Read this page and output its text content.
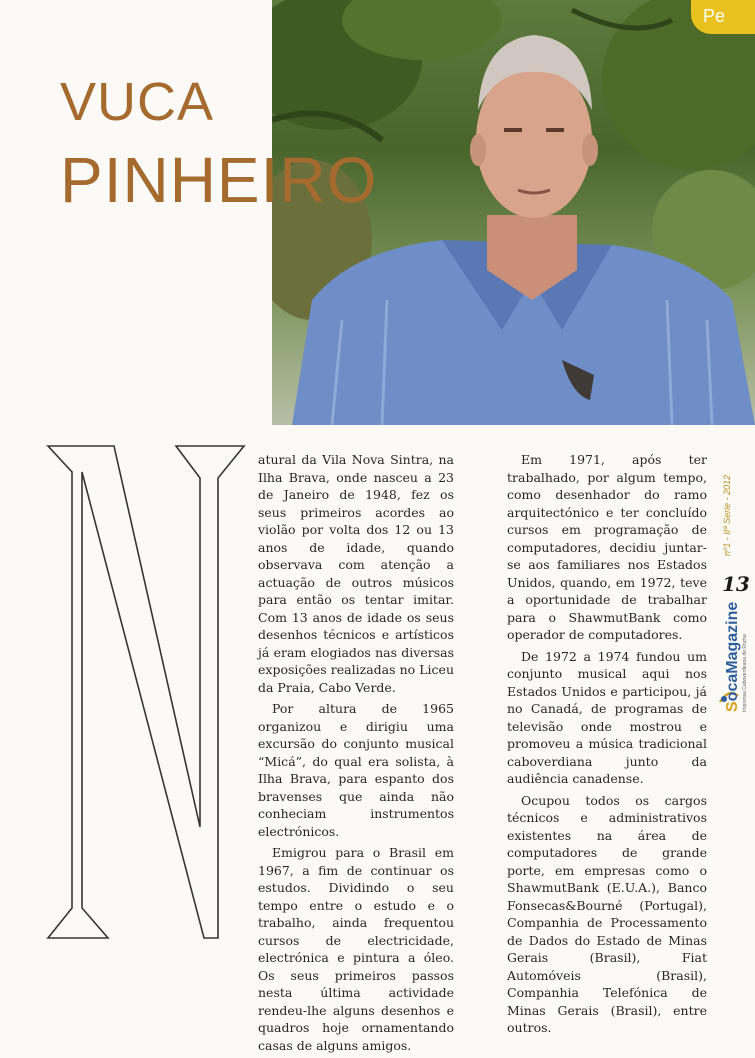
Pe
VUCA
PINHEIRO

atural da Vila Nova Sintra, na Ilha Brava, onde nasceu a 23 de Janeiro de 1948, fez os seus primeiros acordes ao violão por volta dos 12 ou 13 anos de idade, quando observava com atenção a actuação de outros músicos para então os tentar imitar. Com 13 anos de idade os seus desenhos técnicos e artísticos já eram elogiados nas diversas exposições realizadas no Liceu da Praia, Cabo Verde.

Por altura de 1965 organizou e dirigiu uma excursão do conjunto musical “Micá”, do qual era solista, à Ilha Brava, para espanto dos bravenses que ainda não conheciam instrumentos electrónicos.

Emigrou para o Brasil em 1967, a fim de continuar os estudos. Dividindo o seu tempo entre o estudo e o trabalho, ainda frequentou cursos de electricidade, electrónica e pintura a óleo. Os seus primeiros passos nesta última actividade rendeu-lhe alguns desenhos e quadros hoje ornamentando casas de alguns amigos.

Em 1971, após ter trabalhado, por algum tempo, como desenhador do ramo arquitectónico e ter concluído cursos em programação de computadores, decidiu juntar-se aos familiares nos Estados Unidos, quando, em 1972, teve a oportunidade de trabalhar para o ShawmutBank como operador de computadores.

De 1972 a 1974 fundou um conjunto musical aqui nos Estados Unidos e participou, já no Canadá, de programas de televisão onde mostrou e promoveu a música tradicional caboverdiana junto da audiência canadense.

Ocupou todos os cargos técnicos e administrativos existentes na área de computadores de grande porte, em empresas como o ShawmutBank (E.U.A.), Banco Fonsecas&Bourné (Portugal), Companhia de Processamento de Dados do Estado de Minas Gerais (Brasil), Fiat Automóveis (Brasil), Companhia Telefónica de Minas Gerais (Brasil), entre outros.

nº1 - IIª Serie - 2012
13
SocaMagazine Imprensa Caboverdeana de Rocha
